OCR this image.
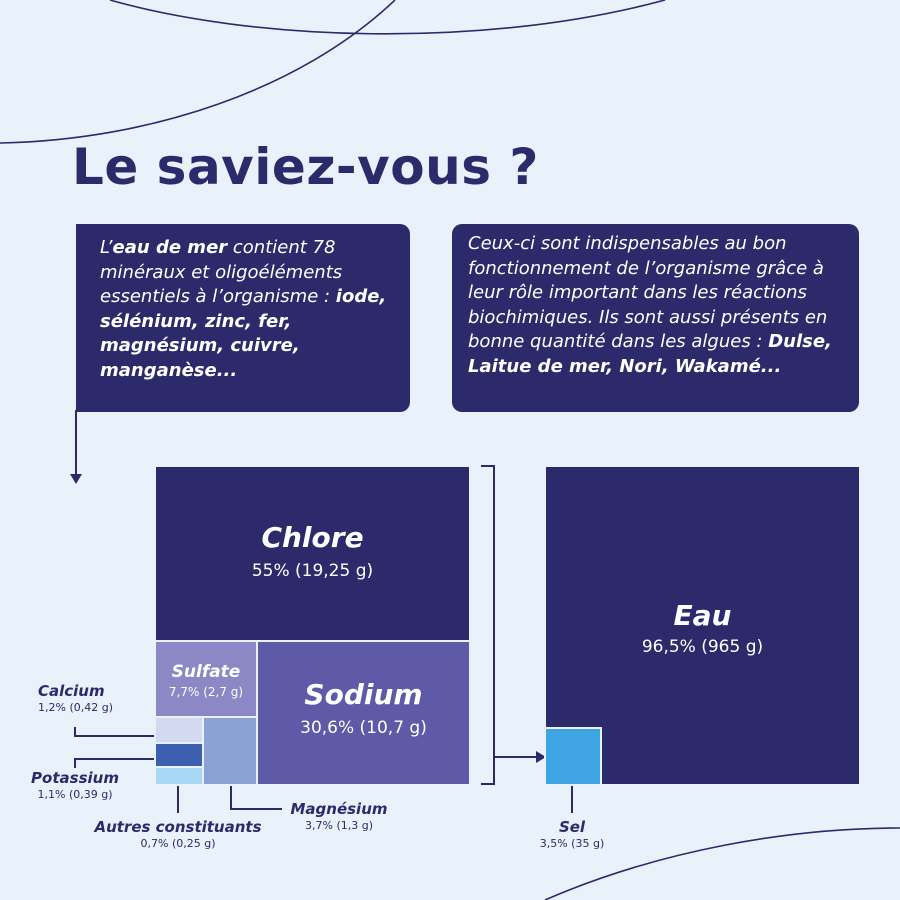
Le saviez-vous ?
L’eau de mer contient 78 minéraux et oligoéléments essentiels à l’organisme : iode, sélénium, zinc, fer, magnésium, cuivre, manganèse...
Ceux-ci sont indispensables au bon fonctionnement de l’organisme grâce à leur rôle important dans les réactions biochimiques. Ils sont aussi présents en bonne quantité dans les algues : Dulse, Laitue de mer, Nori, Wakamé...
Chlore
55% (19,25 g)
Sodium
30,6% (10,7 g)
Sulfate
7,7% (2,7 g)
Eau
96,5% (965 g)
Calcium
1,2% (0,42 g)
Potassium
1,1% (0,39 g)
Autres constituants
0,7% (0,25 g)
Magnésium
3,7% (1,3 g)	Sel
3,5% (35 g)
